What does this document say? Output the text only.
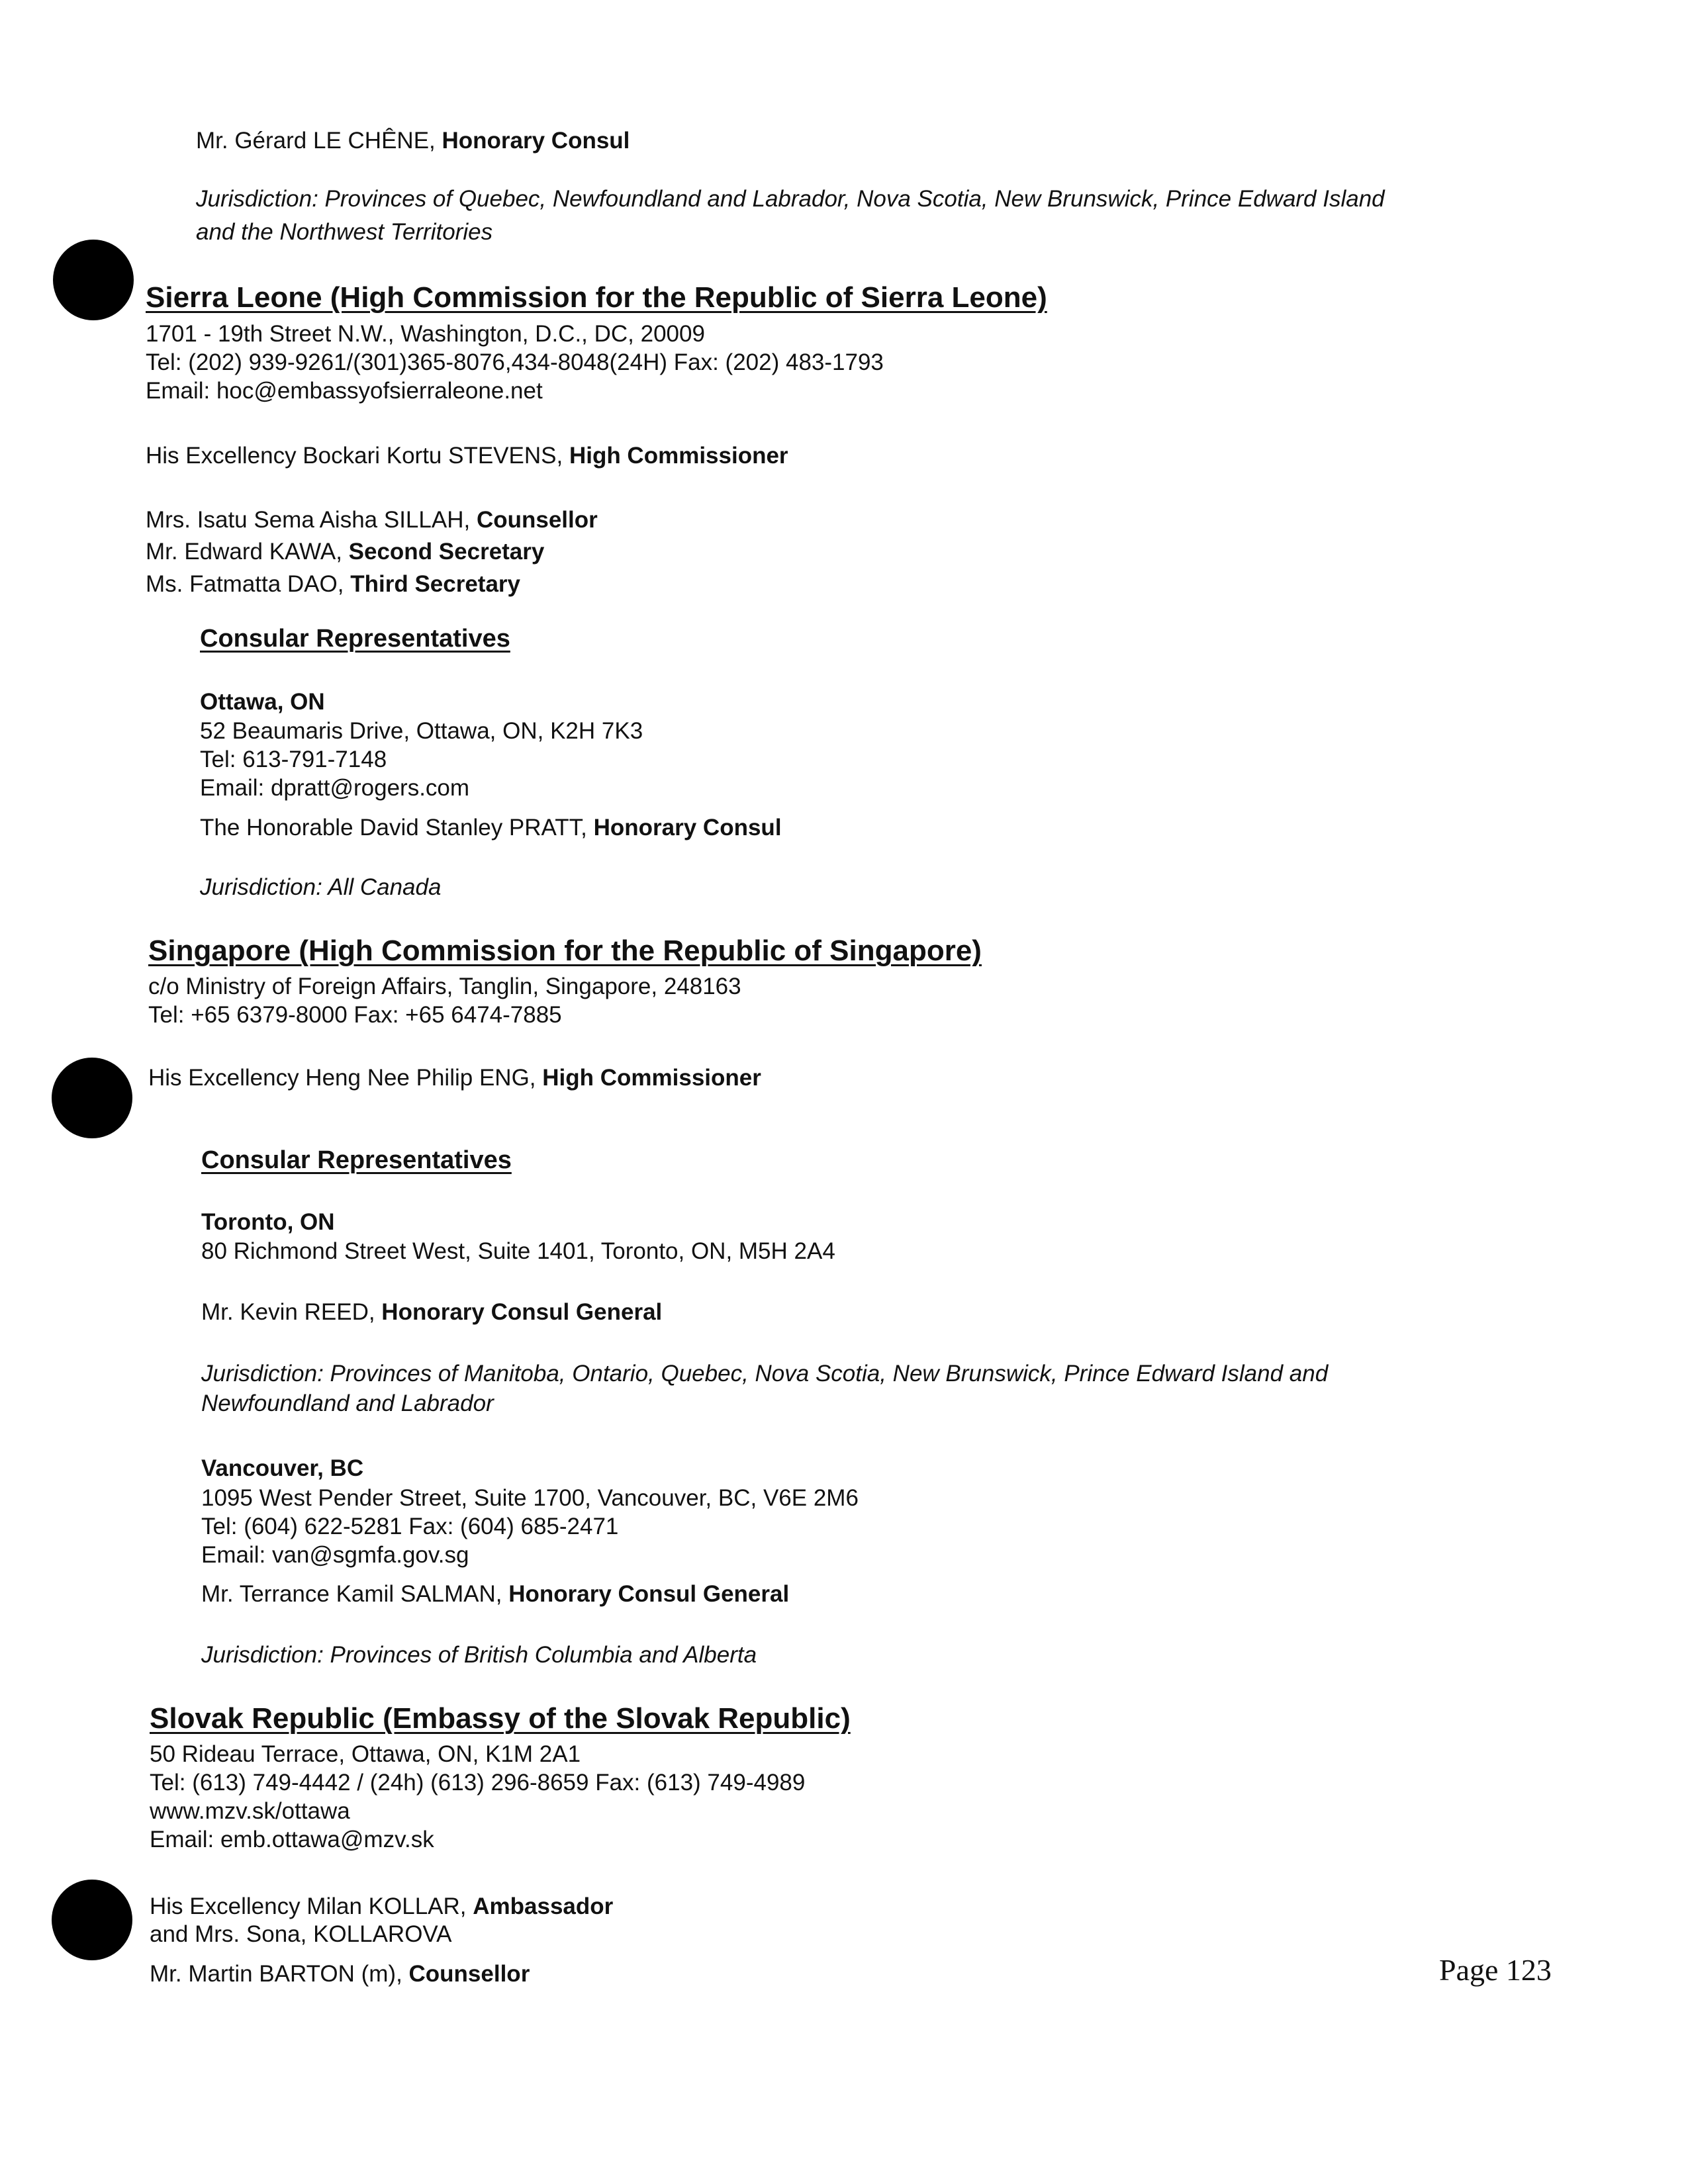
Mr. Gérard LE CHÊNE, Honorary Consul
Jurisdiction: Provinces of Quebec, Newfoundland and Labrador, Nova Scotia, New Brunswick, Prince Edward Island
and the Northwest Territories
Sierra Leone (High Commission for the Republic of Sierra Leone)
1701 - 19th Street N.W., Washington, D.C., DC, 20009
Tel: (202) 939-9261/(301)365-8076,434-8048(24H) Fax: (202) 483-1793
Email: hoc@embassyofsierraleone.net
His Excellency Bockari Kortu STEVENS, High Commissioner
Mrs. Isatu Sema Aisha SILLAH, Counsellor
Mr. Edward KAWA, Second Secretary
Ms. Fatmatta DAO, Third Secretary
Consular Representatives
Ottawa, ON
52 Beaumaris Drive, Ottawa, ON, K2H 7K3
Tel: 613-791-7148
Email: dpratt@rogers.com
The Honorable David Stanley PRATT, Honorary Consul
Jurisdiction: All Canada
Singapore (High Commission for the Republic of Singapore)
c/o Ministry of Foreign Affairs, Tanglin, Singapore, 248163
Tel: +65 6379-8000 Fax: +65 6474-7885
His Excellency Heng Nee Philip ENG, High Commissioner
Consular Representatives
Toronto, ON
80 Richmond Street West, Suite 1401, Toronto, ON, M5H 2A4
Mr. Kevin REED, Honorary Consul General
Jurisdiction: Provinces of Manitoba, Ontario, Quebec, Nova Scotia, New Brunswick, Prince Edward Island and
Newfoundland and Labrador
Vancouver, BC
1095 West Pender Street, Suite 1700, Vancouver, BC, V6E 2M6
Tel: (604) 622-5281 Fax: (604) 685-2471
Email: van@sgmfa.gov.sg
Mr. Terrance Kamil SALMAN, Honorary Consul General
Jurisdiction: Provinces of British Columbia and Alberta
Slovak Republic (Embassy of the Slovak Republic)
50 Rideau Terrace, Ottawa, ON, K1M 2A1
Tel: (613) 749-4442 / (24h) (613) 296-8659 Fax: (613) 749-4989
www.mzv.sk/ottawa
Email: emb.ottawa@mzv.sk
His Excellency Milan KOLLAR, Ambassador
and Mrs. Sona, KOLLAROVA
Mr. Martin BARTON (m), Counsellor	Page 123
